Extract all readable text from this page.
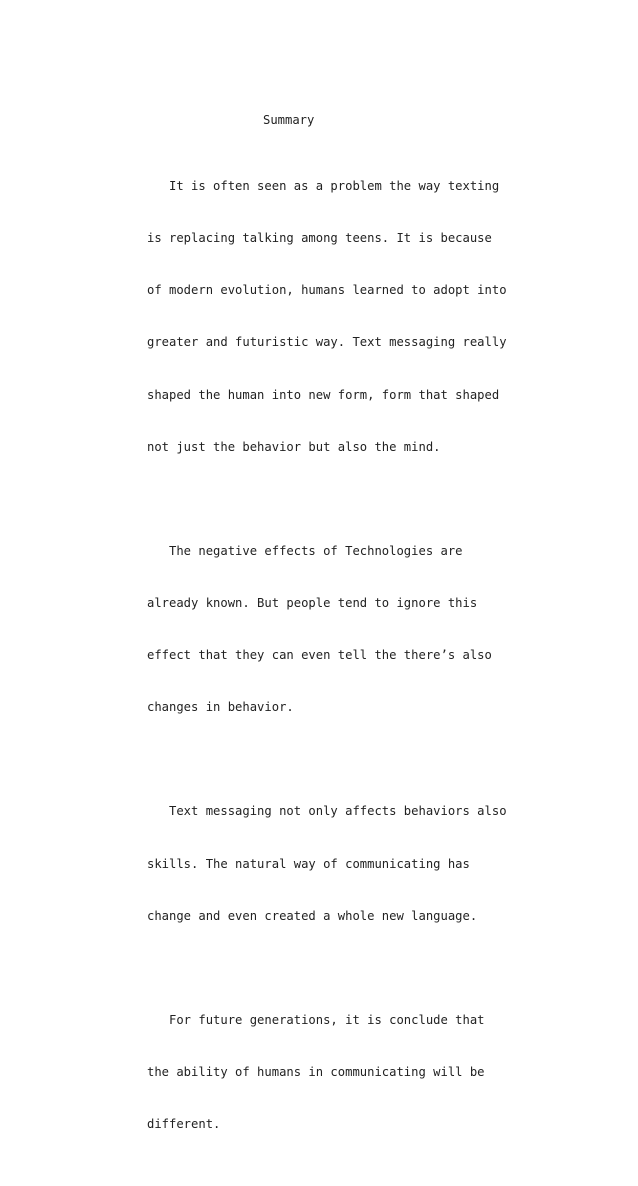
Summary

It is often seen as a problem the way texting

is replacing talking among teens. It is because

of modern evolution, humans learned to adopt into

greater and futuristic way. Text messaging really

shaped the human into new form, form that shaped

not just the behavior but also the mind.

The negative effects of Technologies are

already known. But people tend to ignore this

effect that they can even tell the there’s also

changes in behavior.

Text messaging not only affects behaviors also

skills. The natural way of communicating has

change and even created a whole new language.

For future generations, it is conclude that

the ability of humans in communicating will be

different.
